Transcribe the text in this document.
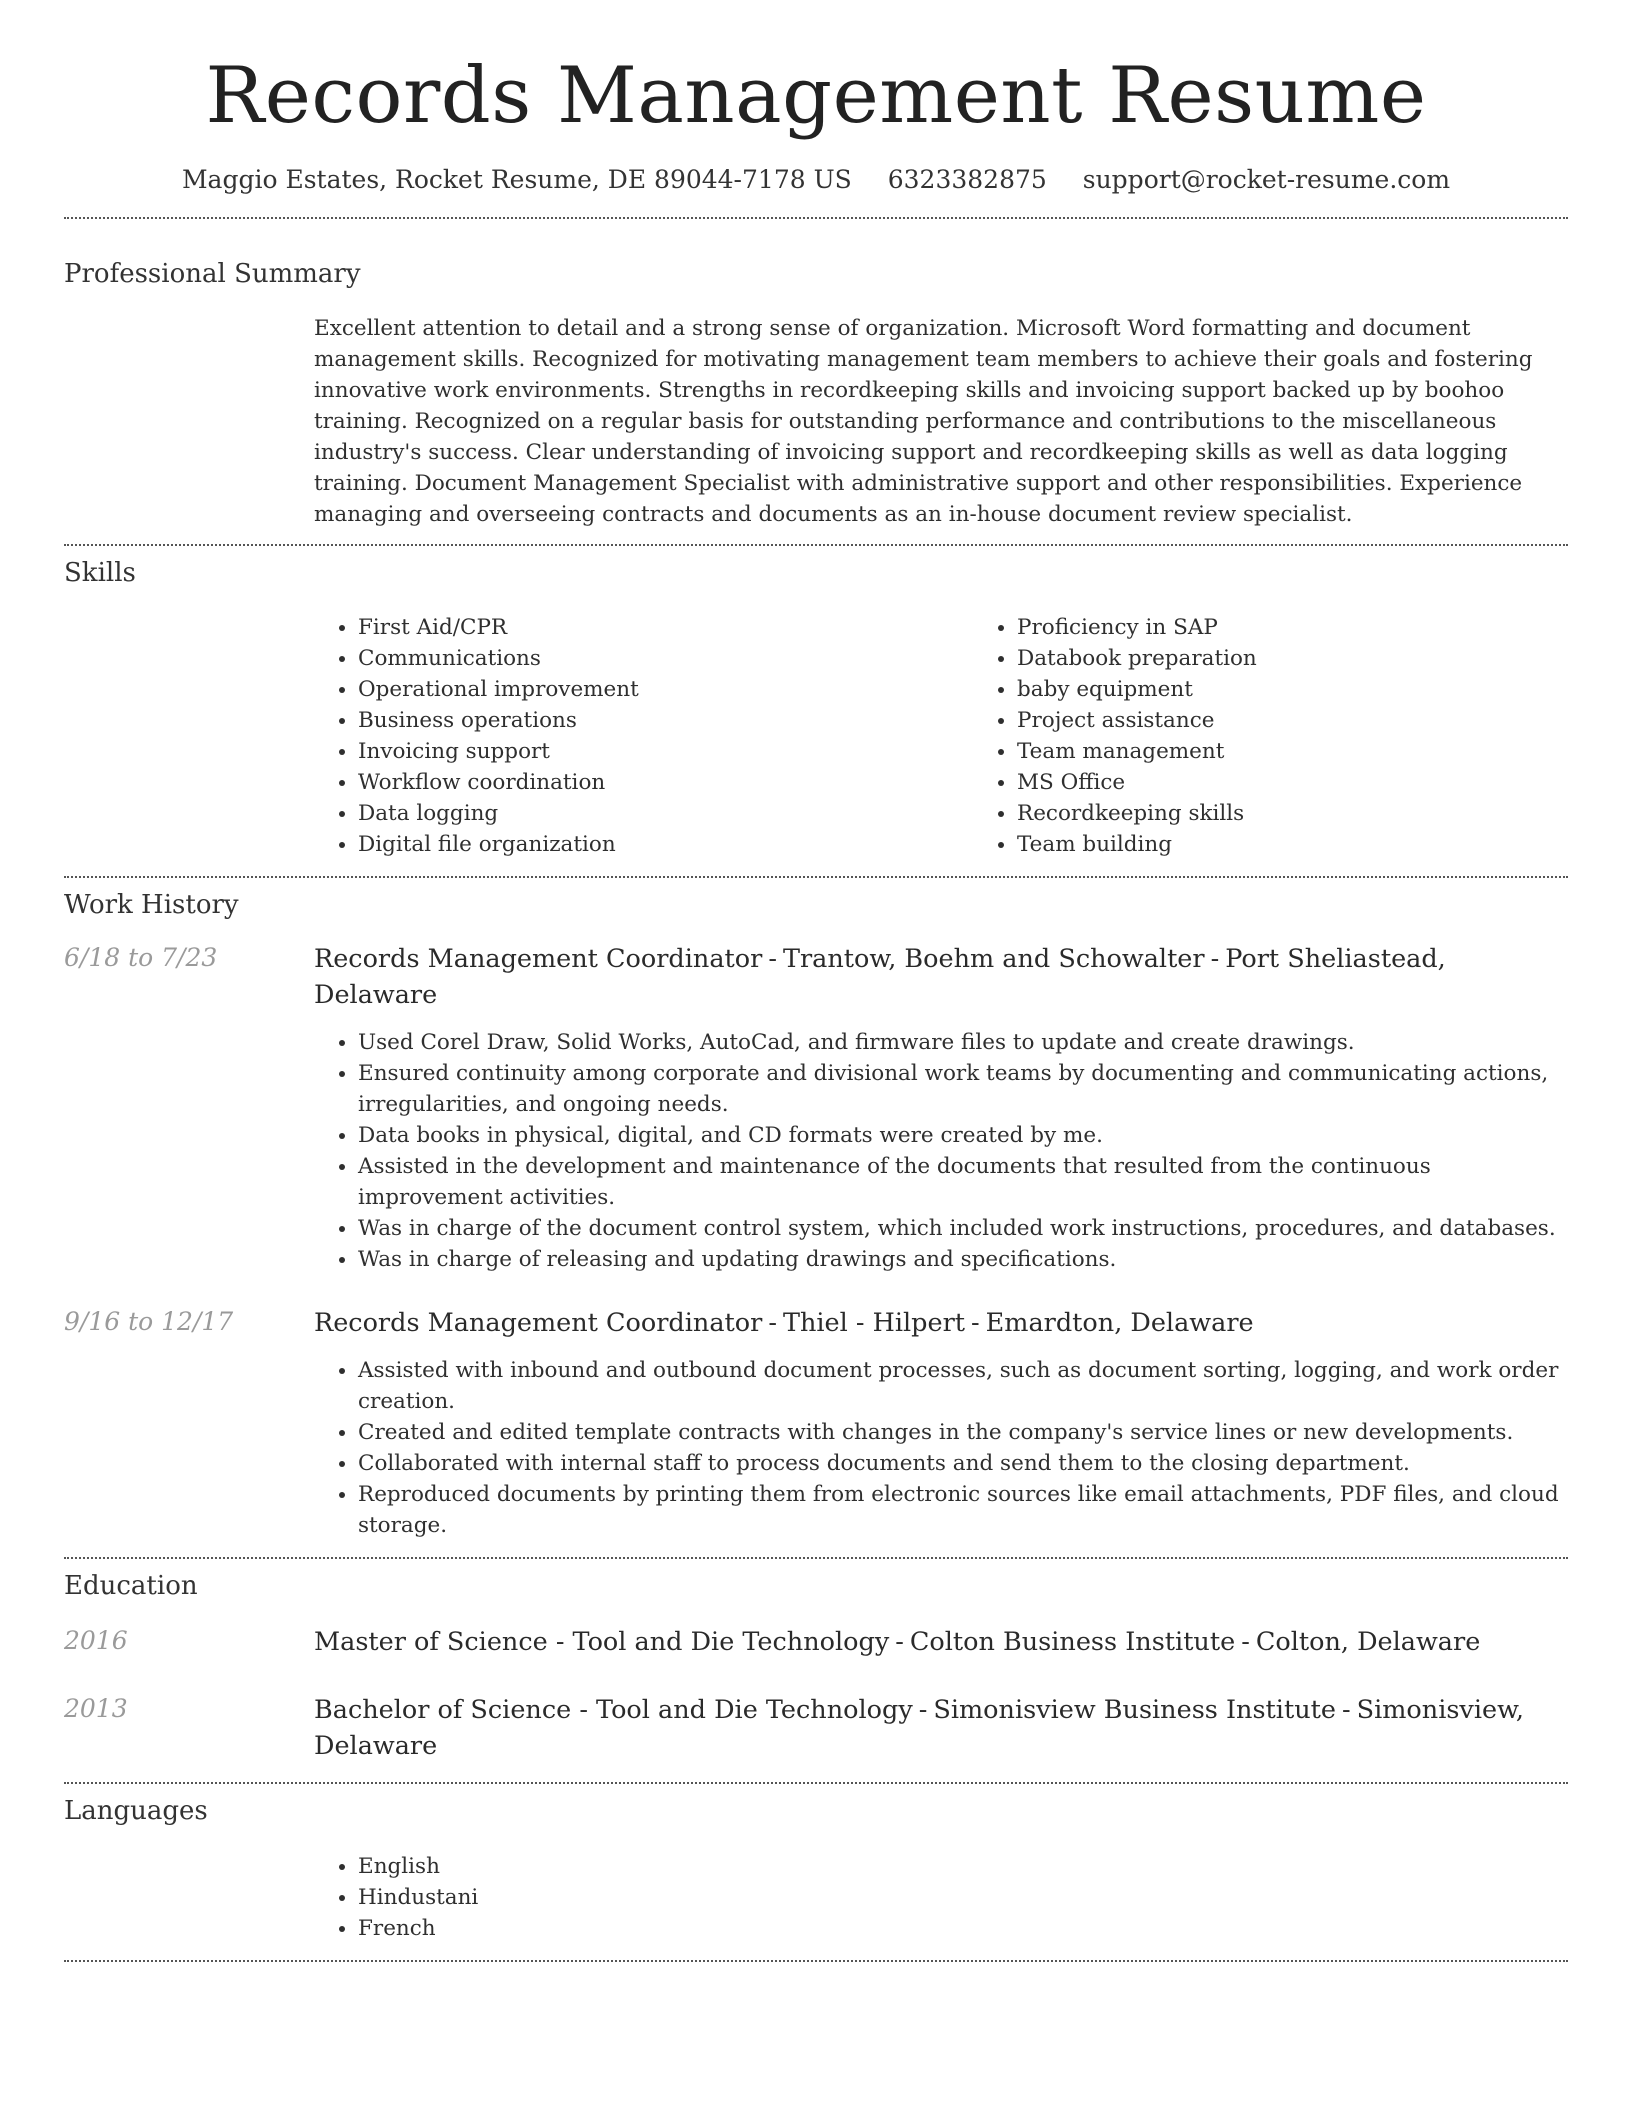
Records Management Resume
Maggio Estates, Rocket Resume, DE 89044-7178 US 6323382875 support@rocket-resume.com
Professional Summary

Excellent attention to detail and a strong sense of organization. Microsoft Word formatting and document management skills. Recognized for motivating management team members to achieve their goals and fostering innovative work environments. Strengths in recordkeeping skills and invoicing support backed up by boohoo training. Recognized on a regular basis for outstanding performance and contributions to the miscellaneous industry's success. Clear understanding of invoicing support and recordkeeping skills as well as data logging training. Document Management Specialist with administrative support and other responsibilities. Experience managing and overseeing contracts and documents as an in-house document review specialist.

Skills
• First Aid/CPR
• Communications
• Operational improvement
• Business operations
• Invoicing support
• Workflow coordination
• Data logging
• Digital file organization
• Proficiency in SAP
• Databook preparation
• baby equipment
• Project assistance
• Team management
• MS Office
• Recordkeeping skills
• Team building
Work History
6/18 to 7/23	Records Management Coordinator - Trantow, Boehm and Schowalter - Port Sheliastead, Delaware

• Used Corel Draw, Solid Works, AutoCad, and firmware files to update and create drawings.
• Ensured continuity among corporate and divisional work teams by documenting and communicating actions, irregularities, and ongoing needs.
• Data books in physical, digital, and CD formats were created by me.
• Assisted in the development and maintenance of the documents that resulted from the continuous improvement activities.
• Was in charge of the document control system, which included work instructions, procedures, and databases.
• Was in charge of releasing and updating drawings and specifications.
9/16 to 12/17	Records Management Coordinator - Thiel - Hilpert - Emardton, Delaware

• Assisted with inbound and outbound document processes, such as document sorting, logging, and work order creation.
• Created and edited template contracts with changes in the company's service lines or new developments.
• Collaborated with internal staff to process documents and send them to the closing department.
• Reproduced documents by printing them from electronic sources like email attachments, PDF files, and cloud storage.
Education
2016	Master of Science - Tool and Die Technology - Colton Business Institute - Colton, Delaware

2013	Bachelor of Science - Tool and Die Technology - Simonisview Business Institute - Simonisview, Delaware

Languages
• English
• Hindustani
• French
